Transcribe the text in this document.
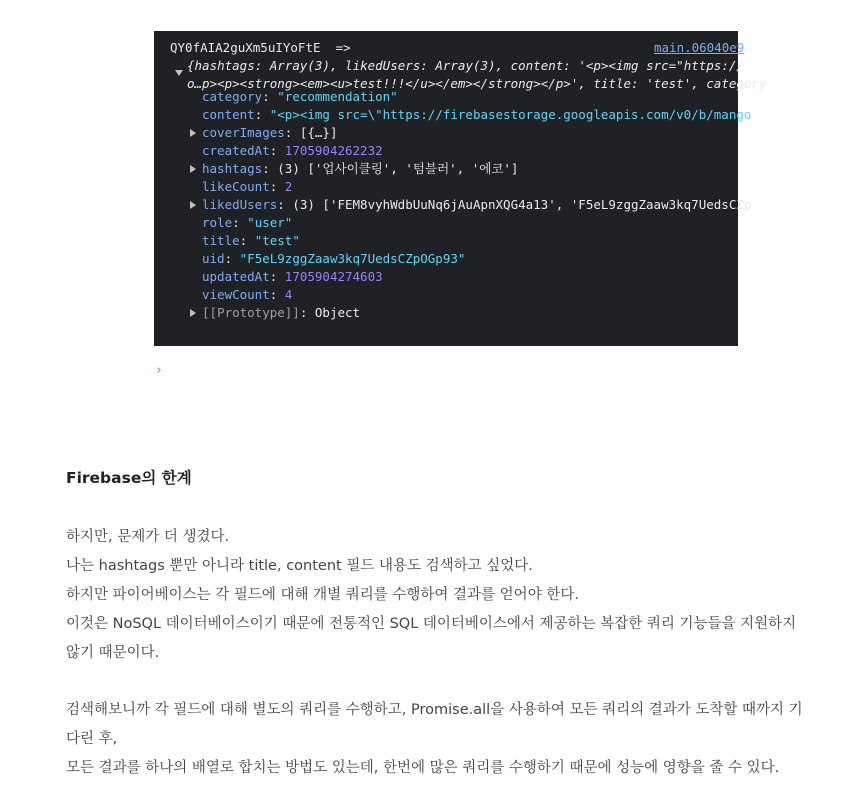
QY0fAIA2guXm5uIYoFtE  =>	main.06040e9
{hashtags: Array(3), likedUsers: Array(3), content: '<p><img src="https://
o…p><p><strong><em><u>test!!!</u></em></strong></p>', title: 'test', category
category: "recommendation"
content: "<p><img src=\"https://firebasestorage.googleapis.com/v0/b/mango
coverImages: [{…}]
createdAt: 1705904262232
hashtags: (3) ['업사이클링', '텀블러', '에코']
likeCount: 2
likedUsers: (3) ['FEM8vyhWdbUuNq6jAuApnXQG4a13', 'F5eL9zggZaaw3kq7UedsCZp
role: "user"
title: "test"
uid: "F5eL9zggZaaw3kq7UedsCZpOGp93"
updatedAt: 1705904274603
viewCount: 4
[[Prototype]]: Object
›
Firebase의 한계
하지만, 문제가 더 생겼다.
나는 hashtags 뿐만 아니라 title, content 필드 내용도 검색하고 싶었다.
하지만 파이어베이스는 각 필드에 대해 개별 쿼리를 수행하여 결과를 얻어야 한다.
이것은 NoSQL 데이터베이스이기 때문에 전통적인 SQL 데이터베이스에서 제공하는 복잡한 쿼리 기능들을 지원하지
않기 때문이다.
검색해보니까 각 필드에 대해 별도의 쿼리를 수행하고, Promise.all을 사용하여 모든 쿼리의 결과가 도착할 때까지 기
다린 후,
모든 결과를 하나의 배열로 합치는 방법도 있는데, 한번에 많은 쿼리를 수행하기 때문에 성능에 영향을 줄 수 있다.
